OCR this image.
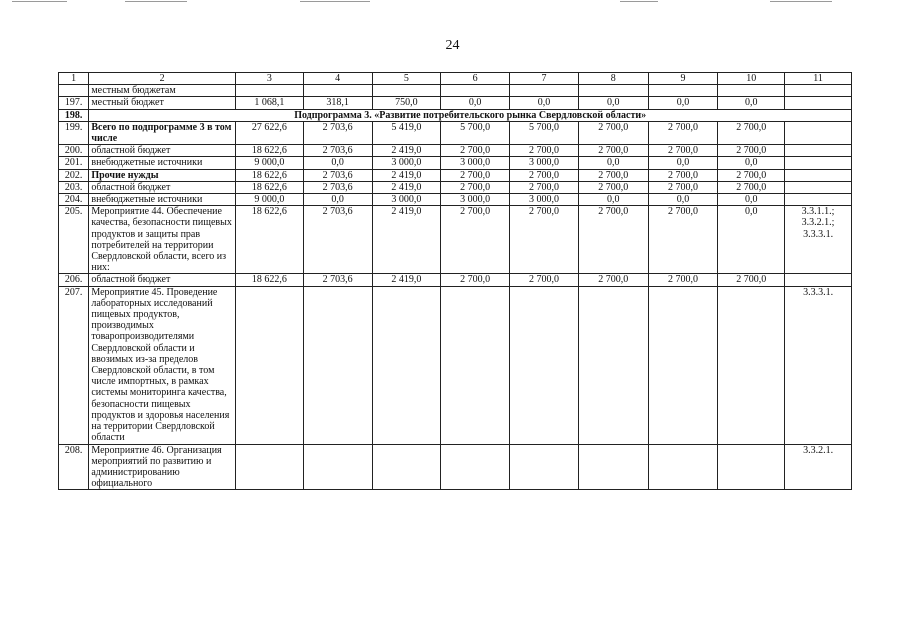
24
1	2	3	4	5	6	7	8	9	10	11
	местным бюджетам									
197.	местный бюджет	1 068,1	318,1	750,0	0,0	0,0	0,0	0,0	0,0	
198.	Подпрограмма 3. «Развитие потребительского рынка Свердловской области»									
199.	Всего по подпрограмме 3 в том числе	27 622,6	2 703,6	5 419,0	5 700,0	5 700,0	2 700,0	2 700,0	2 700,0	
200.	областной бюджет	18 622,6	2 703,6	2 419,0	2 700,0	2 700,0	2 700,0	2 700,0	2 700,0	
201.	внебюджетные источники	9 000,0	0,0	3 000,0	3 000,0	3 000,0	0,0	0,0	0,0	
202.	Прочие нужды	18 622,6	2 703,6	2 419,0	2 700,0	2 700,0	2 700,0	2 700,0	2 700,0	
203.	областной бюджет	18 622,6	2 703,6	2 419,0	2 700,0	2 700,0	2 700,0	2 700,0	2 700,0	
204.	внебюджетные источники	9 000,0	0,0	3 000,0	3 000,0	3 000,0	0,0	0,0	0,0	
205.	Мероприятие 44. Обеспечение качества, безопасности пищевых продуктов и защиты прав потребителей на территории Свердловской области, всего из них:	18 622,6	2 703,6	2 419,0	2 700,0	2 700,0	2 700,0	2 700,0	0,0	3.3.1.1.;
3.3.2.1.;
3.3.3.1.
206.	областной бюджет	18 622,6	2 703,6	2 419,0	2 700,0	2 700,0	2 700,0	2 700,0	2 700,0	
207.	Мероприятие 45. Проведение лабораторных исследований пищевых продуктов, производимых товаропроизводителями Свердловской области и ввозимых из-за пределов Свердловской области, в том числе импортных, в рамках системы мониторинга качества, безопасности пищевых продуктов и здоровья населения на территории Свердловской области									3.3.3.1.
208.	Мероприятие 46. Организация мероприятий по развитию и администрированию официального									3.3.2.1.
